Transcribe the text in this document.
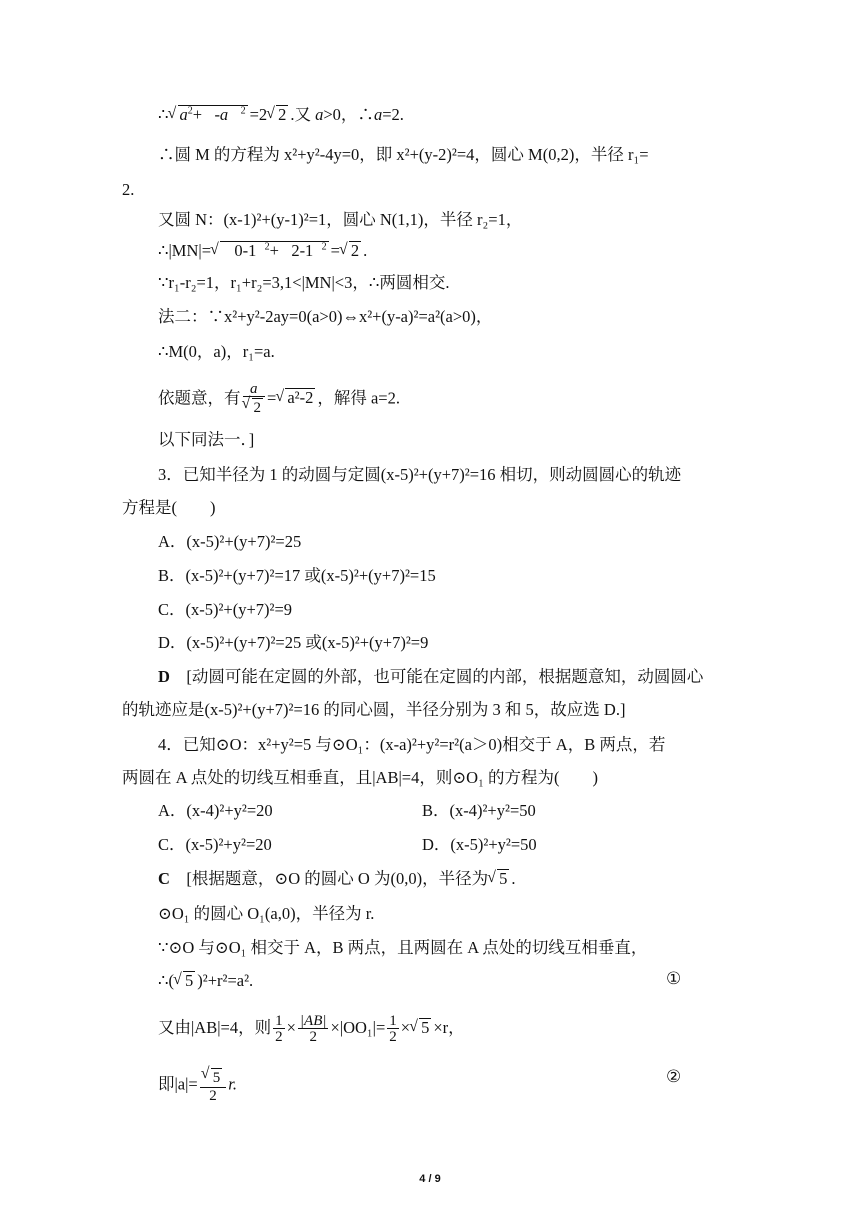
∴ √ $a^2+ -a$ $^2$ =2 √ 2 .又 a>0，∴a=2.
∴圆 M 的方程为 x²+y²-4y=0，即 x²+(y-2)²=4，圆心 M(0,2)，半径 r₁=
2.
又圆 N：(x-1)²+(y-1)²=1，圆心 N(1,1)，半径 r₂=1，
∴|MN|= √    0-1 $^2$+ 2-1 $^2$ = √ 2 .
∵r₁-r₂=1，r₁+r₂=3,1<|MN|<3，∴两圆相交.
法二：∵x²+y²-2ay=0(a>0)⇔x²+(y-a)²=a²(a>0)，
∴M(0，a)，r₁=a.
依题意，有 a
√ 2 = √ a²-2 ，解得 a=2.
以下同法一．]
3．已知半径为 1 的动圆与定圆(x-5)²+(y+7)²=16 相切，则动圆圆心的轨迹
方程是(　　)
A．(x-5)²+(y+7)²=25
B．(x-5)²+(y+7)²=17 或(x-5)²+(y+7)²=15
C．(x-5)²+(y+7)²=9
D．(x-5)²+(y+7)²=25 或(x-5)²+(y+7)²=9
D　[动圆可能在定圆的外部，也可能在定圆的内部，根据题意知，动圆圆心
的轨迹应是(x-5)²+(y+7)²=16 的同心圆，半径分别为 3 和 5，故应选 D.]
4．已知⊙O：x²+y²=5 与⊙O₁：(x-a)²+y²=r²(a＞0)相交于 A，B 两点，若
两圆在 A 点处的切线互相垂直，且|AB|=4，则⊙O₁ 的方程为(　　)
A．(x-4)²+y²=20	B．(x-4)²+y²=50
C．(x-5)²+y²=20	D．(x-5)²+y²=50
C　[根据题意，⊙O 的圆心 O 为(0,0)，半径为 √ 5 .
⊙O₁ 的圆心 O₁(a,0)，半径为 r.
∵⊙O 与⊙O₁ 相交于 A，B 两点，且两圆在 A 点处的切线互相垂直，
∴( √ 5 )²+r²=a².	①
又由|AB|=4，则 $\frac{1}{2} \times \frac{|AB|}{2} \times|OO_1|= \frac{1}{2}$ × √ 5 ×r，
即|a|= √ $\frac{5}{2} r$.	②
4 / 9
